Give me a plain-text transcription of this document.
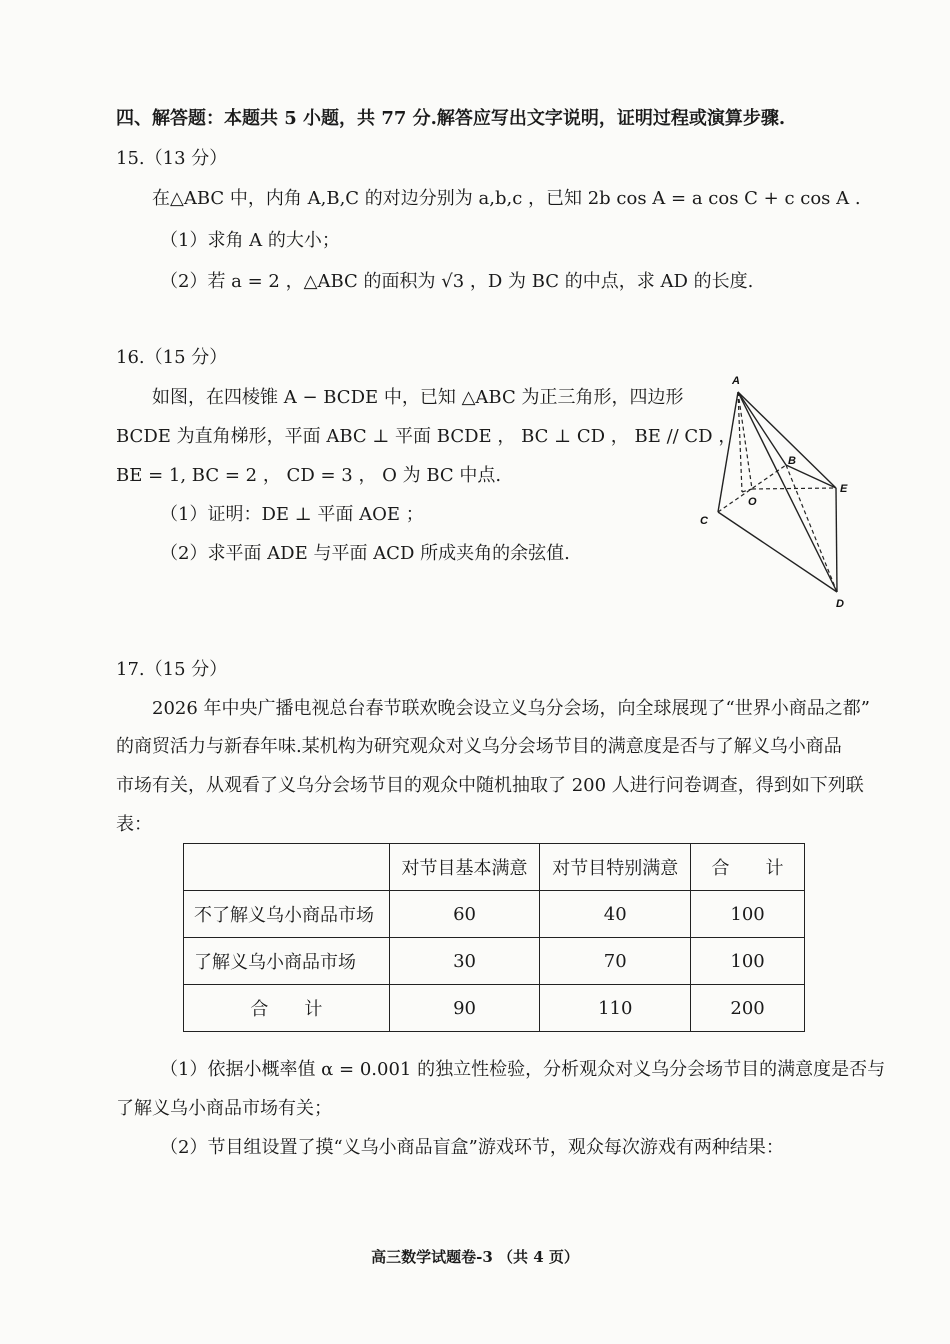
四、解答题：本题共 5 小题，共 77 分.解答应写出文字说明，证明过程或演算步骤.
15.（13 分）
在△ABC 中，内角 A,B,C 的对边分别为 a,b,c ，已知 2b cos A = a cos C + c cos A .
（1）求角 A 的大小；
（2）若 a = 2 ，△ABC 的面积为 √3 ，D 为 BC 的中点，求 AD 的长度.
16.（15 分）
如图，在四棱锥 A − BCDE 中，已知 △ABC 为正三角形，四边形
BCDE 为直角梯形，平面 ABC ⊥ 平面 BCDE ， BC ⊥ CD ， BE // CD ，
BE = 1, BC = 2 ， CD = 3 ， O 为 BC 中点.
（1）证明：DE ⊥ 平面 AOE ；
（2）求平面 ADE 与平面 ACD 所成夹角的余弦值.
A
B
C
D
E
O
17.（15 分）
2026 年中央广播电视总台春节联欢晚会设立义乌分会场，向全球展现了“世界小商品之都”
的商贸活力与新春年味.某机构为研究观众对义乌分会场节目的满意度是否与了解义乌小商品
市场有关，从观看了义乌分会场节目的观众中随机抽取了 200 人进行问卷调查，得到如下列联
表：
	对节目基本满意	对节目特别满意	合　　计
不了解义乌小商品市场	60	40	100
了解义乌小商品市场	30	70	100
合　　计	90	110	200
（1）依据小概率值 α = 0.001 的独立性检验，分析观众对义乌分会场节目的满意度是否与
了解义乌小商品市场有关；
（2）节目组设置了摸“义乌小商品盲盒”游戏环节，观众每次游戏有两种结果：
高三数学试题卷-3 （共 4 页）
